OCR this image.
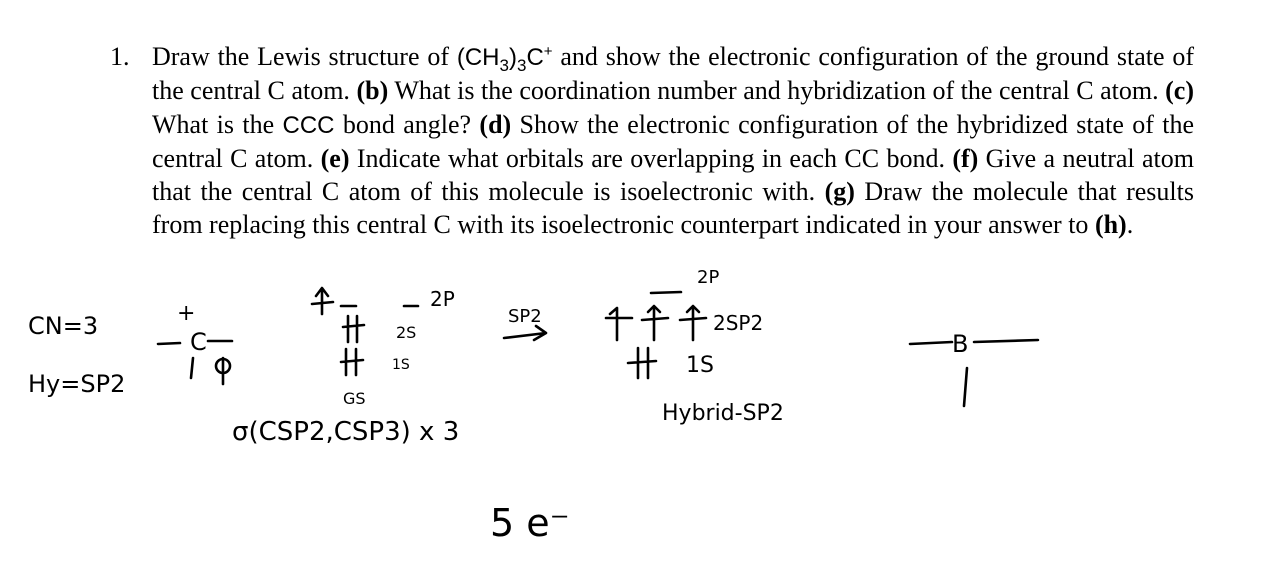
1. Draw the Lewis structure of $(CH_3)_3C^+$ and show the electronic configuration of the ground state of the central C atom. (b) What is the coordination number and hybridization of the central C atom. (c) What is the CCC bond angle? (d) Show the electronic configuration of the hybridized state of the central C atom. (e) Indicate what orbitals are overlapping in each CC bond. (f) Give a neutral atom that the central C atom of this molecule is isoelectronic with. (g) Draw the molecule that results from replacing this central C with its isoelectronic counterpart indicated in your answer to (h).
CN=3
Hy=SP2
+
C
2P
2S
1S
GS
SP2
σ(CSP2,CSP3) x 3
2P
2SP2
1S
Hybrid-SP2
5 e⁻
B
